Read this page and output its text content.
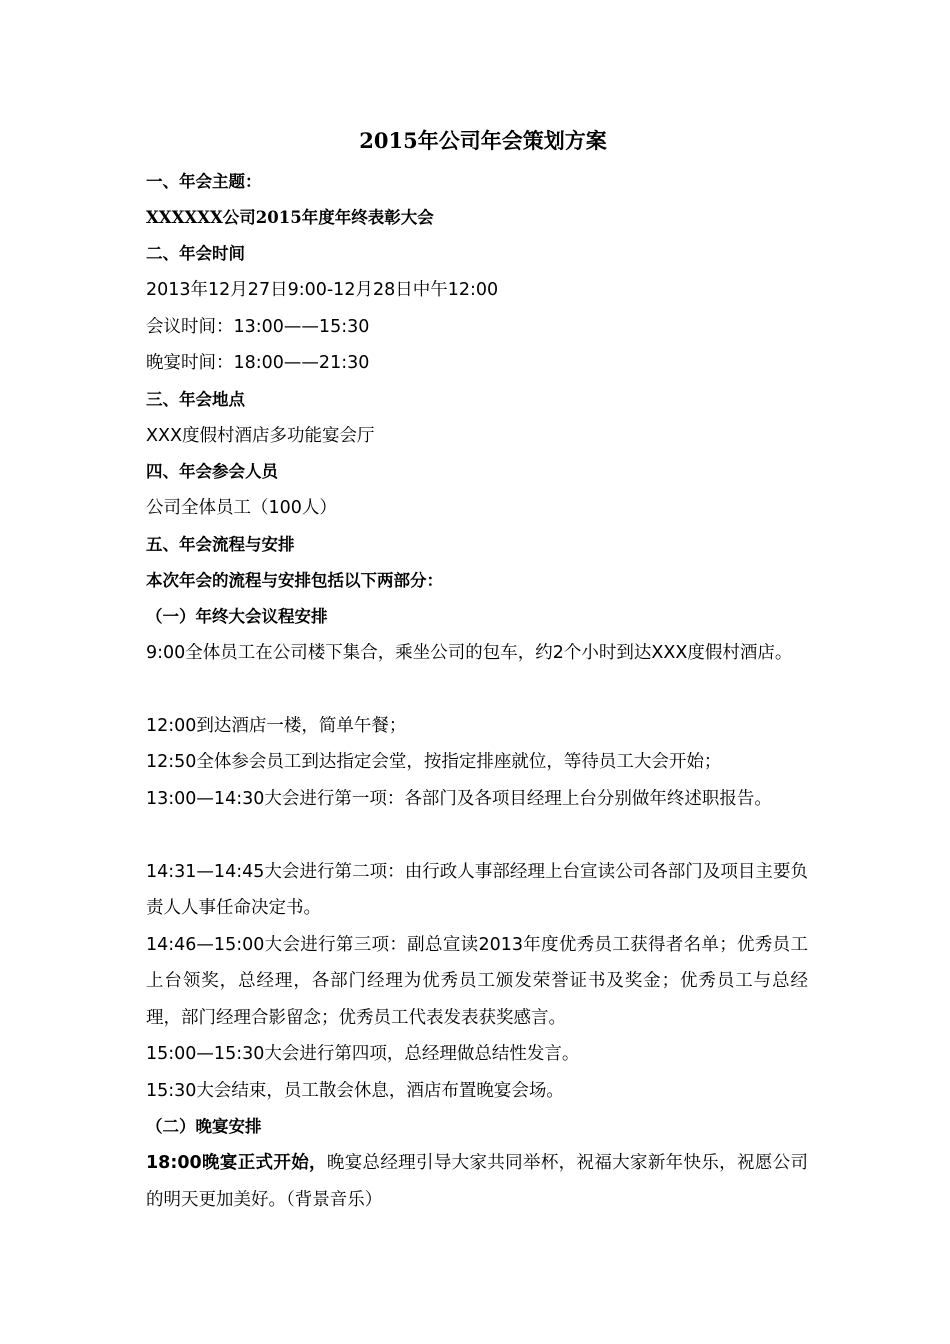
2015年公司年会策划方案

一、年会主题：

XXXXXX公司2015年度年终表彰大会

二、年会时间

2013年12月27日9:00-12月28日中午12:00

会议时间：13:00——15:30

晚宴时间：18:00——21:30

三、年会地点

XXX度假村酒店多功能宴会厅

四、年会参会人员

公司全体员工（100人）

五、年会流程与安排

本次年会的流程与安排包括以下两部分：

（一）年终大会议程安排

9:00全体员工在公司楼下集合，乘坐公司的包车，约2个小时到达XXX度假村酒店。

12:00到达酒店一楼，简单午餐；

12:50全体参会员工到达指定会堂，按指定排座就位，等待员工大会开始；

13:00—14:30大会进行第一项：各部门及各项目经理上台分别做年终述职报告。

14:31—14:45大会进行第二项：由行政人事部经理上台宣读公司各部门及项目主要负责人人事任命决定书。

14:46—15:00大会进行第三项：副总宣读2013年度优秀员工获得者名单；优秀员工上台领奖，总经理，各部门经理为优秀员工颁发荣誉证书及奖金；优秀员工与总经理，部门经理合影留念；优秀员工代表发表获奖感言。

15:00—15:30大会进行第四项，总经理做总结性发言。

15:30大会结束，员工散会休息，酒店布置晚宴会场。

（二）晚宴安排

18:00晚宴正式开始，晚宴总经理引导大家共同举杯，祝福大家新年快乐，祝愿公司的明天更加美好。（背景音乐）
